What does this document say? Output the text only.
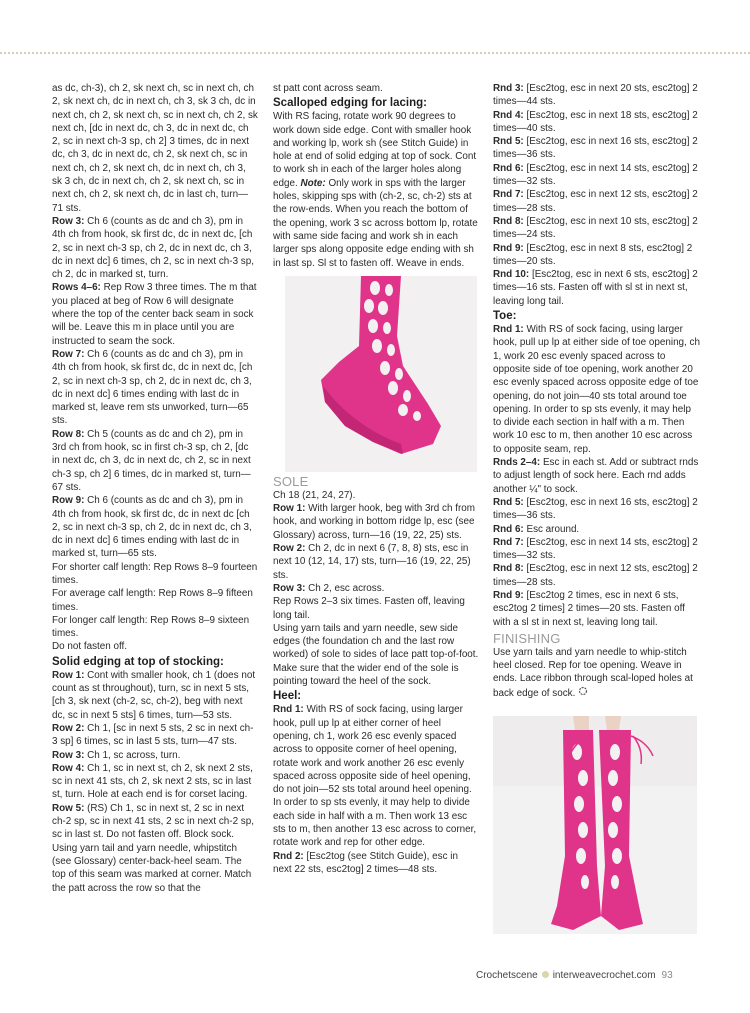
as dc, ch-3), ch 2, sk next ch, sc in next ch, ch 2, sk next ch, dc in next ch, ch 3, sk 3 ch, dc in next ch, ch 2, sk next ch, sc in next ch, ch 2, sk next ch, [dc in next dc, ch 3, dc in next dc, ch 2, sc in next ch-3 sp, ch 2] 3 times, dc in next dc, ch 3, dc in next dc, ch 2, sk next ch, sc in next ch, ch 2, sk next ch, dc in next ch, ch 3, sk 3 ch, dc in next ch, ch 2, sk next ch, sc in next ch, ch 2, sk next ch, dc in last ch, turn—71 sts.

Row 3: Ch 6 (counts as dc and ch 3), pm in 4th ch from hook, sk first dc, dc in next dc, [ch 2, sc in next ch-3 sp, ch 2, dc in next dc, ch 3, dc in next dc] 6 times, ch 2, sc in next ch-3 sp, ch 2, dc in marked st, turn.

Rows 4–6: Rep Row 3 three times. The m that you placed at beg of Row 6 will designate where the top of the center back seam in sock will be. Leave this m in place until you are instructed to seam the sock.

Row 7: Ch 6 (counts as dc and ch 3), pm in 4th ch from hook, sk first dc, dc in next dc, [ch 2, sc in next ch-3 sp, ch 2, dc in next dc, ch 3, dc in next dc] 6 times ending with last dc in marked st, leave rem sts unworked, turn—65 sts.

Row 8: Ch 5 (counts as dc and ch 2), pm in 3rd ch from hook, sc in first ch-3 sp, ch 2, [dc in next dc, ch 3, dc in next dc, ch 2, sc in next ch-3 sp, ch 2] 6 times, dc in marked st, turn—67 sts.

Row 9: Ch 6 (counts as dc and ch 3), pm in 4th ch from hook, sk first dc, dc in next dc [ch 2, sc in next ch-3 sp, ch 2, dc in next dc, ch 3, dc in next dc] 6 times ending with last dc in marked st, turn—65 sts.

For shorter calf length: Rep Rows 8–9 fourteen times.

For average calf length: Rep Rows 8–9 fifteen times.

For longer calf length: Rep Rows 8–9 sixteen times.

Do not fasten off.

Solid edging at top of stocking:

Row 1: Cont with smaller hook, ch 1 (does not count as st throughout), turn, sc in next 5 sts, [ch 3, sk next (ch-2, sc, ch-2), beg with next dc, sc in next 5 sts] 6 times, turn—53 sts.

Row 2: Ch 1, [sc in next 5 sts, 2 sc in next ch-3 sp] 6 times, sc in last 5 sts, turn—47 sts.

Row 3: Ch 1, sc across, turn.

Row 4: Ch 1, sc in next st, ch 2, sk next 2 sts, sc in next 41 sts, ch 2, sk next 2 sts, sc in last st, turn. Hole at each end is for corset lacing.

Row 5: (RS) Ch 1, sc in next st, 2 sc in next ch-2 sp, sc in next 41 sts, 2 sc in next ch-2 sp, sc in last st. Do not fasten off. Block sock.

Using yarn tail and yarn needle, whipstitch (see Glossary) center-back-heel seam. The top of this seam was marked at corner. Match the patt across the row so that the

st patt cont across seam.

Scalloped edging for lacing:

With RS facing, rotate work 90 degrees to work down side edge. Cont with smaller hook and working lp, work sh (see Stitch Guide) in hole at end of solid edging at top of sock. Cont to work sh in each of the larger holes along edge. Note: Only work in sps with the larger holes, skipping sps with (ch-2, sc, ch-2) sts at the row-ends. When you reach the bottom of the opening, work 3 sc across bottom lp, rotate with same side facing and work sh in each larger sps along opposite edge ending with sh in last sp. Sl st to fasten off. Weave in ends.

SOLE

Ch 18 (21, 24, 27).

Row 1: With larger hook, beg with 3rd ch from hook, and working in bottom ridge lp, esc (see Glossary) across, turn—16 (19, 22, 25) sts.

Row 2: Ch 2, dc in next 6 (7, 8, 8) sts, esc in next 10 (12, 14, 17) sts, turn—16 (19, 22, 25) sts.

Row 3: Ch 2, esc across.

Rep Rows 2–3 six times. Fasten off, leaving long tail.

Using yarn tails and yarn needle, sew side edges (the foundation ch and the last row worked) of sole to sides of lace patt top-of-foot. Make sure that the wider end of the sole is pointing toward the heel of the sock.

Heel:

Rnd 1: With RS of sock facing, using larger hook, pull up lp at either corner of heel opening, ch 1, work 26 esc evenly spaced across to opposite corner of heel opening, rotate work and work another 26 esc evenly spaced across opposite side of heel opening, do not join—52 sts total around heel opening. In order to sp sts evenly, it may help to divide each side in half with a m. Then work 13 esc sts to m, then another 13 esc across to corner, rotate work and rep for other edge.

Rnd 2: [Esc2tog (see Stitch Guide), esc in next 22 sts, esc2tog] 2 times—48 sts.

Rnd 3: [Esc2tog, esc in next 20 sts, esc2tog] 2 times—44 sts.

Rnd 4: [Esc2tog, esc in next 18 sts, esc2tog] 2 times—40 sts.

Rnd 5: [Esc2tog, esc in next 16 sts, esc2tog] 2 times—36 sts.

Rnd 6: [Esc2tog, esc in next 14 sts, esc2tog] 2 times—32 sts.

Rnd 7: [Esc2tog, esc in next 12 sts, esc2tog] 2 times—28 sts.

Rnd 8: [Esc2tog, esc in next 10 sts, esc2tog] 2 times—24 sts.

Rnd 9: [Esc2tog, esc in next 8 sts, esc2tog] 2 times—20 sts.

Rnd 10: [Esc2tog, esc in next 6 sts, esc2tog] 2 times—16 sts. Fasten off with sl st in next st, leaving long tail.

Toe:

Rnd 1: With RS of sock facing, using larger hook, pull up lp at either side of toe opening, ch 1, work 20 esc evenly spaced across to opposite side of toe opening, work another 20 esc evenly spaced across opposite edge of toe opening, do not join—40 sts total around toe opening. In order to sp sts evenly, it may help to divide each section in half with a m. Then work 10 esc to m, then another 10 esc across to opposite seam, rep.

Rnds 2–4: Esc in each st. Add or subtract rnds to adjust length of sock here. Each rnd adds another ¼" to sock.

Rnd 5: [Esc2tog, esc in next 16 sts, esc2tog] 2 times—36 sts.

Rnd 6: Esc around.

Rnd 7: [Esc2tog, esc in next 14 sts, esc2tog] 2 times—32 sts.

Rnd 8: [Esc2tog, esc in next 12 sts, esc2tog] 2 times—28 sts.

Rnd 9: [Esc2tog 2 times, esc in next 6 sts, esc2tog 2 times] 2 times—20 sts. Fasten off with a sl st in next st, leaving long tail.

FINISHING

Use yarn tails and yarn needle to whip-stitch heel closed. Rep for toe opening. Weave in ends. Lace ribbon through scal-loped holes at back edge of sock.

Crochetscene interweavecrochet.com 93
